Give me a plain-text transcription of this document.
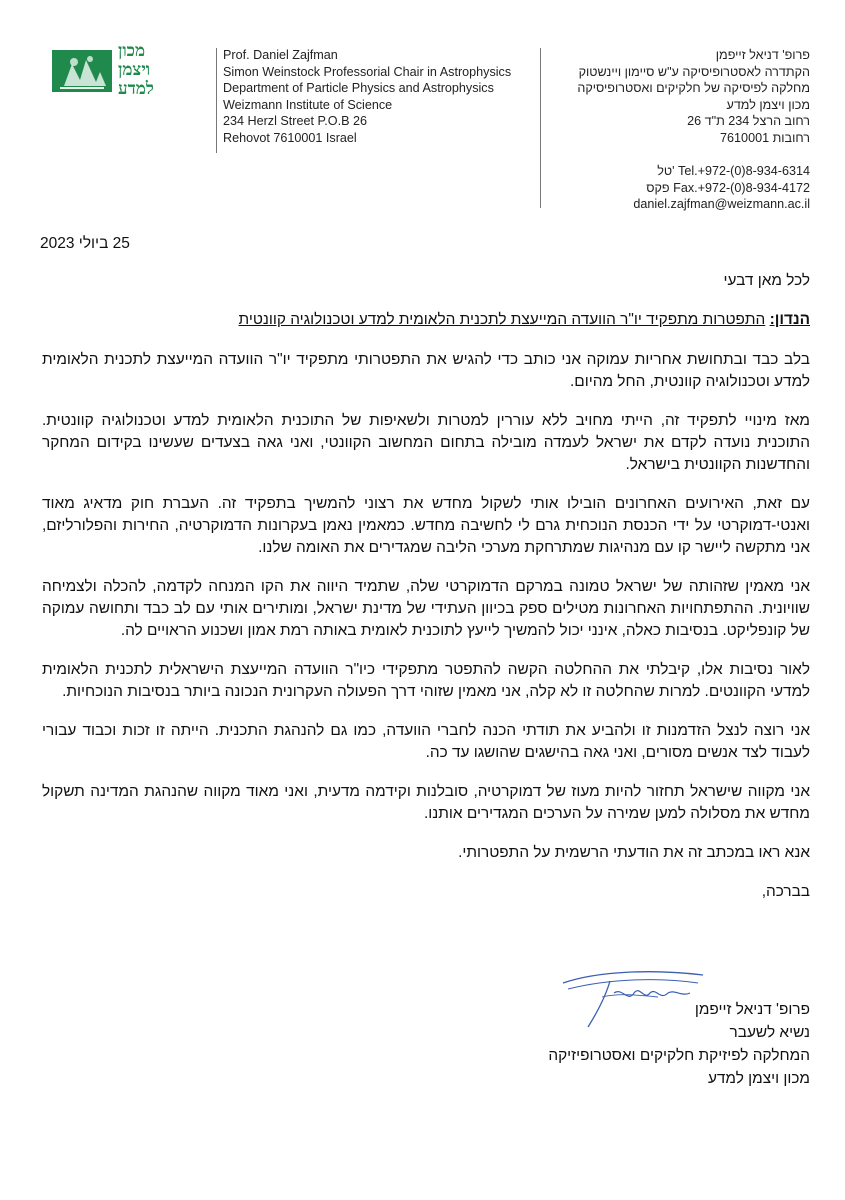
מכון
ויצמן
למדע
Prof. Daniel Zajfman
Simon Weinstock Professorial Chair in Astrophysics
Department of Particle Physics and Astrophysics
Weizmann Institute of Science
234 Herzl Street P.O.B 26
Rehovot 7610001 Israel
פרופ' דניאל זייפמן
הקתדרה לאסטרופיסיקה ע"ש סיימון ויינשטוק
מחלקה לפיסיקה של חלקיקים ואסטרופיסיקה
מכון ויצמן למדע
רחוב הרצל 234 ת"ד 26
רחובות 7610001
טל' Tel.+972-(0)8-934-6314
פקס Fax.+972-(0)8-934-4172
daniel.zajfman@weizmann.ac.il
25 ביולי 2023
לכל מאן דבעי
הנדון: התפטרות מתפקיד יו"ר הוועדה המייעצת לתכנית הלאומית למדע וטכנולוגיה קוונטית

בלב כבד ובתחושת אחריות עמוקה אני כותב כדי להגיש את התפטרותי מתפקיד יו"ר הוועדה המייעצת לתכנית הלאומית למדע וטכנולוגיה קוונטית, החל מהיום.

מאז מינויי לתפקיד זה, הייתי מחויב ללא עוררין למטרות ולשאיפות של התוכנית הלאומית למדע וטכנולוגיה קוונטית. התוכנית נועדה לקדם את ישראל לעמדה מובילה בתחום המחשוב הקוונטי, ואני גאה בצעדים שעשינו בקידום המחקר והחדשנות הקוונטית בישראל.

עם זאת, האירועים האחרונים הובילו אותי לשקול מחדש את רצוני להמשיך בתפקיד זה. העברת חוק מדאיג מאוד ואנטי-דמוקרטי על ידי הכנסת הנוכחית גרם לי לחשיבה מחדש. כמאמין נאמן בעקרונות הדמוקרטיה, החירות והפלורליזם, אני מתקשה ליישר קו עם מנהיגות שמתרחקת מערכי הליבה שמגדירים את האומה שלנו.

אני מאמין שזהותה של ישראל טמונה במרקם הדמוקרטי שלה, שתמיד היווה את הקו המנחה לקדמה, להכלה ולצמיחה שוויונית. ההתפתחויות האחרונות מטילים ספק בכיוון העתידי של מדינת ישראל, ומותירים אותי עם לב כבד ותחושה עמוקה של קונפליקט. בנסיבות כאלה, אינני יכול להמשיך לייעץ לתוכנית לאומית באותה רמת אמון ושכנוע הראויים לה.

לאור נסיבות אלו, קיבלתי את ההחלטה הקשה להתפטר מתפקידי כיו"ר הוועדה המייעצת הישראלית לתכנית הלאומית למדעי הקוונטים. למרות שהחלטה זו לא קלה, אני מאמין שזוהי דרך הפעולה העקרונית הנכונה ביותר בנסיבות הנוכחיות.

אני רוצה לנצל הזדמנות זו ולהביע את תודתי הכנה לחברי הוועדה, כמו גם להנהגת התכנית. הייתה זו זכות וכבוד עבורי לעבוד לצד אנשים מסורים, ואני גאה בהישגים שהושגו עד כה.

אני מקווה שישראל תחזור להיות מעוז של דמוקרטיה, סובלנות וקידמה מדעית, ואני מאוד מקווה שהנהגת המדינה תשקול מחדש את מסלולה למען שמירה על הערכים המגדירים אותנו.

אנא ראו במכתב זה את הודעתי הרשמית על התפטרותי.

בברכה,
פרופ' דניאל זייפמן
נשיא לשעבר
המחלקה לפיזיקת חלקיקים ואסטרופיזיקה
מכון ויצמן למדע
